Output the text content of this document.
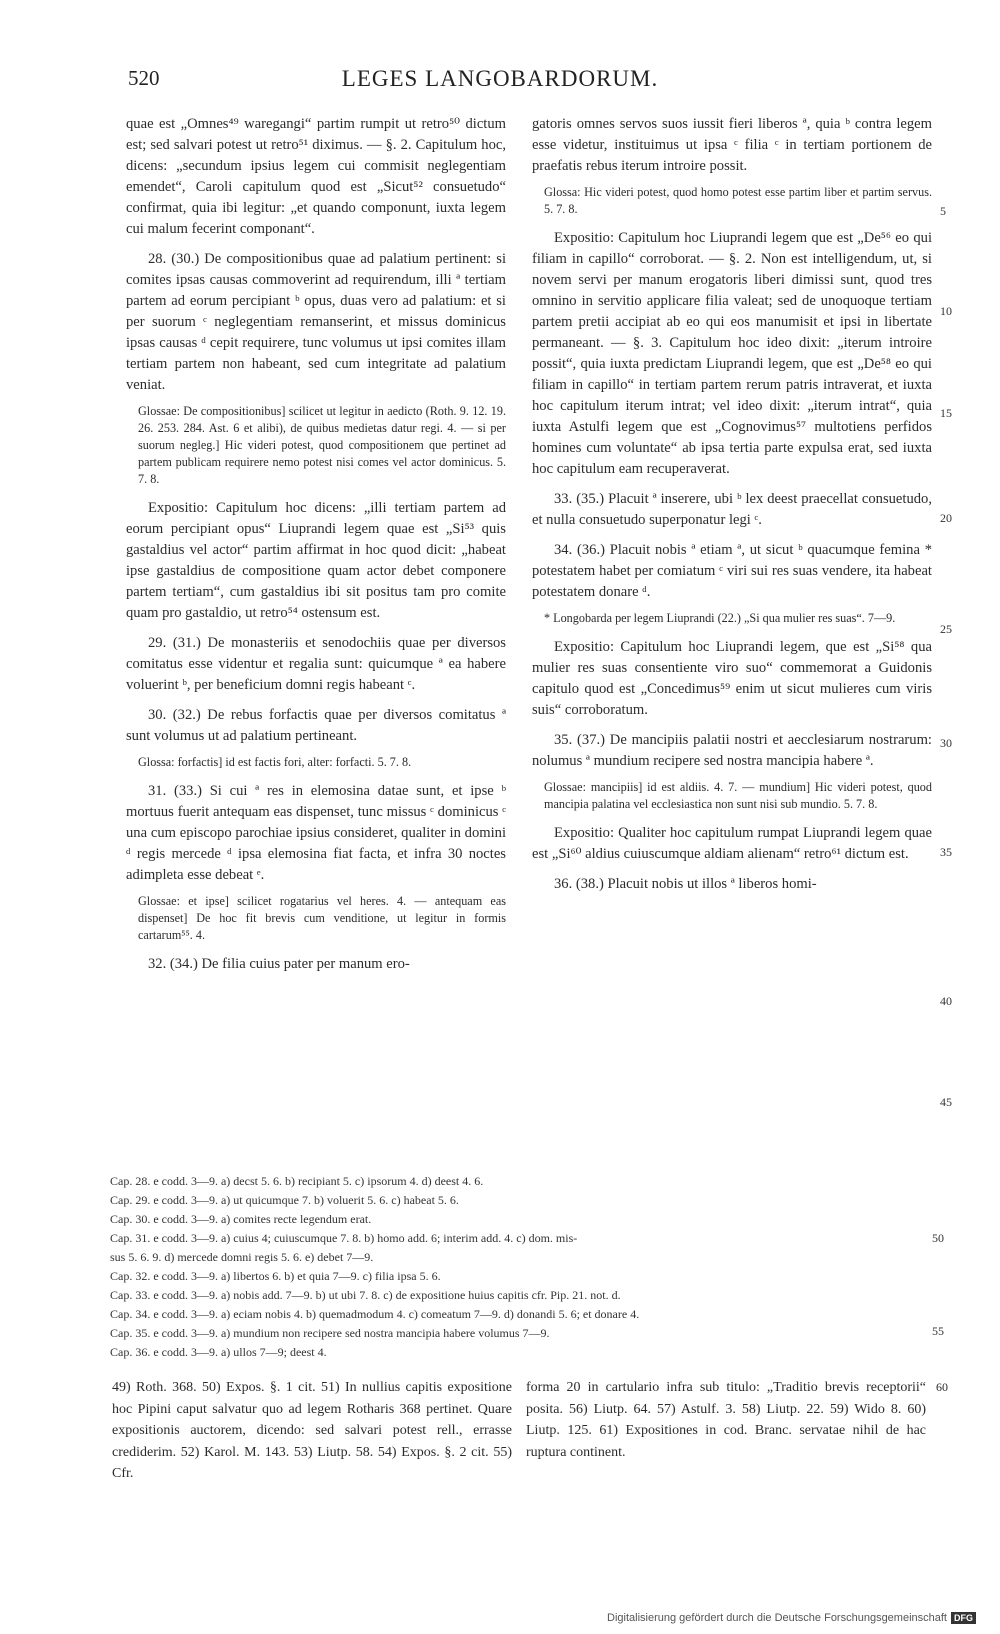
520	LEGES LANGOBARDORUM.

quae est „Omnes⁴⁹ waregangi“ partim rumpit ut retro⁵⁰ dictum est; sed salvari potest ut retro⁵¹ diximus. — §. 2. Capitulum hoc, dicens: „secundum ipsius legem cui commisit neglegentiam emendet“, Caroli capitulum quod est „Sicut⁵² consuetudo“ confirmat, quia ibi legitur: „et quando componunt, iuxta legem cui malum fecerint componant“.

28. (30.) De compositionibus quae ad palatium pertinent: si comites ipsas causas commoverint ad requirendum, illi ª tertiam partem ad eorum percipiant ᵇ opus, duas vero ad palatium: et si per suorum ᶜ neglegentiam remanserint, et missus dominicus ipsas causas ᵈ cepit requirere, tunc volumus ut ipsi comites illam tertiam partem non habeant, sed cum integritate ad palatium veniat.

Glossae: De compositionibus] scilicet ut legitur in aedicto (Roth. 9. 12. 19. 26. 253. 284. Ast. 6 et alibi), de quibus medietas datur regi. 4. — si per suorum negleg.] Hic videri potest, quod compositionem que pertinet ad partem publicam requirere nemo potest nisi comes vel actor dominicus. 5. 7. 8.

Expositio: Capitulum hoc dicens: „illi tertiam partem ad eorum percipiant opus“ Liuprandi legem quae est „Si⁵³ quis gastaldius vel actor“ partim affirmat in hoc quod dicit: „habeat ipse gastaldius de compositione quam actor debet componere partem tertiam“, cum gastaldius ibi sit positus tam pro comite quam pro gastaldio, ut retro⁵⁴ ostensum est.

29. (31.) De monasteriis et senodochiis quae per diversos comitatus esse videntur et regalia sunt: quicumque ª ea habere voluerint ᵇ, per beneficium domni regis habeant ᶜ.

30. (32.) De rebus forfactis quae per diversos comitatus ª sunt volumus ut ad palatium pertineant.

Glossa: forfactis] id est factis fori, alter: forfacti. 5. 7. 8.

31. (33.) Si cui ª res in elemosina datae sunt, et ipse ᵇ mortuus fuerit antequam eas dispenset, tunc missus ᶜ dominicus ᶜ una cum episcopo parochiae ipsius consideret, qualiter in domini ᵈ regis mercede ᵈ ipsa elemosina fiat facta, et infra 30 noctes adimpleta esse debeat ᵉ.

Glossae: et ipse] scilicet rogatarius vel heres. 4. — antequam eas dispenset] De hoc fit brevis cum venditione, ut legitur in formis cartarum⁵⁵. 4.

32. (34.) De filia cuius pater per manum ero-

gatoris omnes servos suos iussit fieri liberos ª, quia ᵇ contra legem esse videtur, instituimus ut ipsa ᶜ filia ᶜ in tertiam portionem de praefatis rebus iterum introire possit.

Glossa: Hic videri potest, quod homo potest esse partim liber et partim servus. 5. 7. 8.

Expositio: Capitulum hoc Liuprandi legem que est „De⁵⁶ eo qui filiam in capillo“ corroborat. — §. 2. Non est intelligendum, ut, si novem servi per manum erogatoris liberi dimissi sunt, quod tres omnino in servitio applicare filia valeat; sed de unoquoque tertiam partem pretii accipiat ab eo qui eos manumisit et ipsi in libertate permaneant. — §. 3. Capitulum hoc ideo dixit: „iterum introire possit“, quia iuxta predictam Liuprandi legem, que est „De⁵⁸ eo qui filiam in capillo“ in tertiam partem rerum patris intraverat, et iuxta hoc capitulum iterum intrat; vel ideo dixit: „iterum intrat“, quia iuxta Astulfi legem que est „Cognovimus⁵⁷ multotiens perfidos homines cum voluntate“ ab ipsa tertia parte expulsa erat, sed iuxta hoc capitulum eam recuperaverat.

33. (35.) Placuit ª inserere, ubi ᵇ lex deest praecellat consuetudo, et nulla consuetudo superponatur legi ᶜ.

34. (36.) Placuit nobis ª etiam ª, ut sicut ᵇ quacumque femina * potestatem habet per comiatum ᶜ viri sui res suas vendere, ita habeat potestatem donare ᵈ.

* Longobarda per legem Liuprandi (22.) „Si qua mulier res suas“. 7—9.

Expositio: Capitulum hoc Liuprandi legem, que est „Si⁵⁸ qua mulier res suas consentiente viro suo“ commemorat a Guidonis capitulo quod est „Concedimus⁵⁹ enim ut sicut mulieres cum viris suis“ corroboratum.

35. (37.) De mancipiis palatii nostri et aecclesiarum nostrarum: nolumus ª mundium recipere sed nostra mancipia habere ª.

Glossae: mancipiis] id est aldiis. 4. 7. — mundium] Hic videri potest, quod mancipia palatina vel ecclesiastica non sunt nisi sub mundio. 5. 7. 8.

Expositio: Qualiter hoc capitulum rumpat Liuprandi legem quae est „Si⁶⁰ aldius cuiuscumque aldiam alienam“ retro⁶¹ dictum est.

36. (38.) Placuit nobis ut illos ª liberos homi-

5
10
15
20
25
30
35
40
45
Cap. 28. e codd. 3—9. a) decst 5. 6. b) recipiant 5. c) ipsorum 4. d) deest 4. 6.
Cap. 29. e codd. 3—9. a) ut quicumque 7. b) voluerit 5. 6. c) habeat 5. 6.
Cap. 30. e codd. 3—9. a) comites recte legendum erat.
Cap. 31. e codd. 3—9. a) cuius 4; cuiuscumque 7. 8. b) homo add. 6; interim add. 4. c) dom. mis-
sus 5. 6. 9. d) mercede domni regis 5. 6. e) debet 7—9.
Cap. 32. e codd. 3—9. a) libertos 6. b) et quia 7—9. c) filia ipsa 5. 6.
Cap. 33. e codd. 3—9. a) nobis add. 7—9. b) ut ubi 7. 8. c) de expositione huius capitis cfr. Pip. 21. not. d.
Cap. 34. e codd. 3—9. a) eciam nobis 4. b) quemadmodum 4. c) comeatum 7—9. d) donandi 5. 6; et donare 4.
Cap. 35. e codd. 3—9. a) mundium non recipere sed nostra mancipia habere volumus 7—9.
Cap. 36. e codd. 3—9. a) ullos 7—9; deest 4.
50
55
49) Roth. 368. 50) Expos. §. 1 cit. 51) In nullius capitis expositione hoc Pipini caput salvatur quo ad legem Rotharis 368 pertinet. Quare expositionis auctorem, dicendo: sed salvari potest rell., errasse crediderim. 52) Karol. M. 143. 53) Liutp. 58. 54) Expos. §. 2 cit. 55) Cfr.
forma 20 in cartulario infra sub titulo: „Traditio brevis receptorii“ posita. 56) Liutp. 64. 57) Astulf. 3. 58) Liutp. 22. 59) Wido 8. 60) Liutp. 125. 61) Expositiones in cod. Branc. servatae nihil de hac ruptura continent.
60
Digitalisierung gefördert durch die Deutsche Forschungsgemeinschaft DFG
